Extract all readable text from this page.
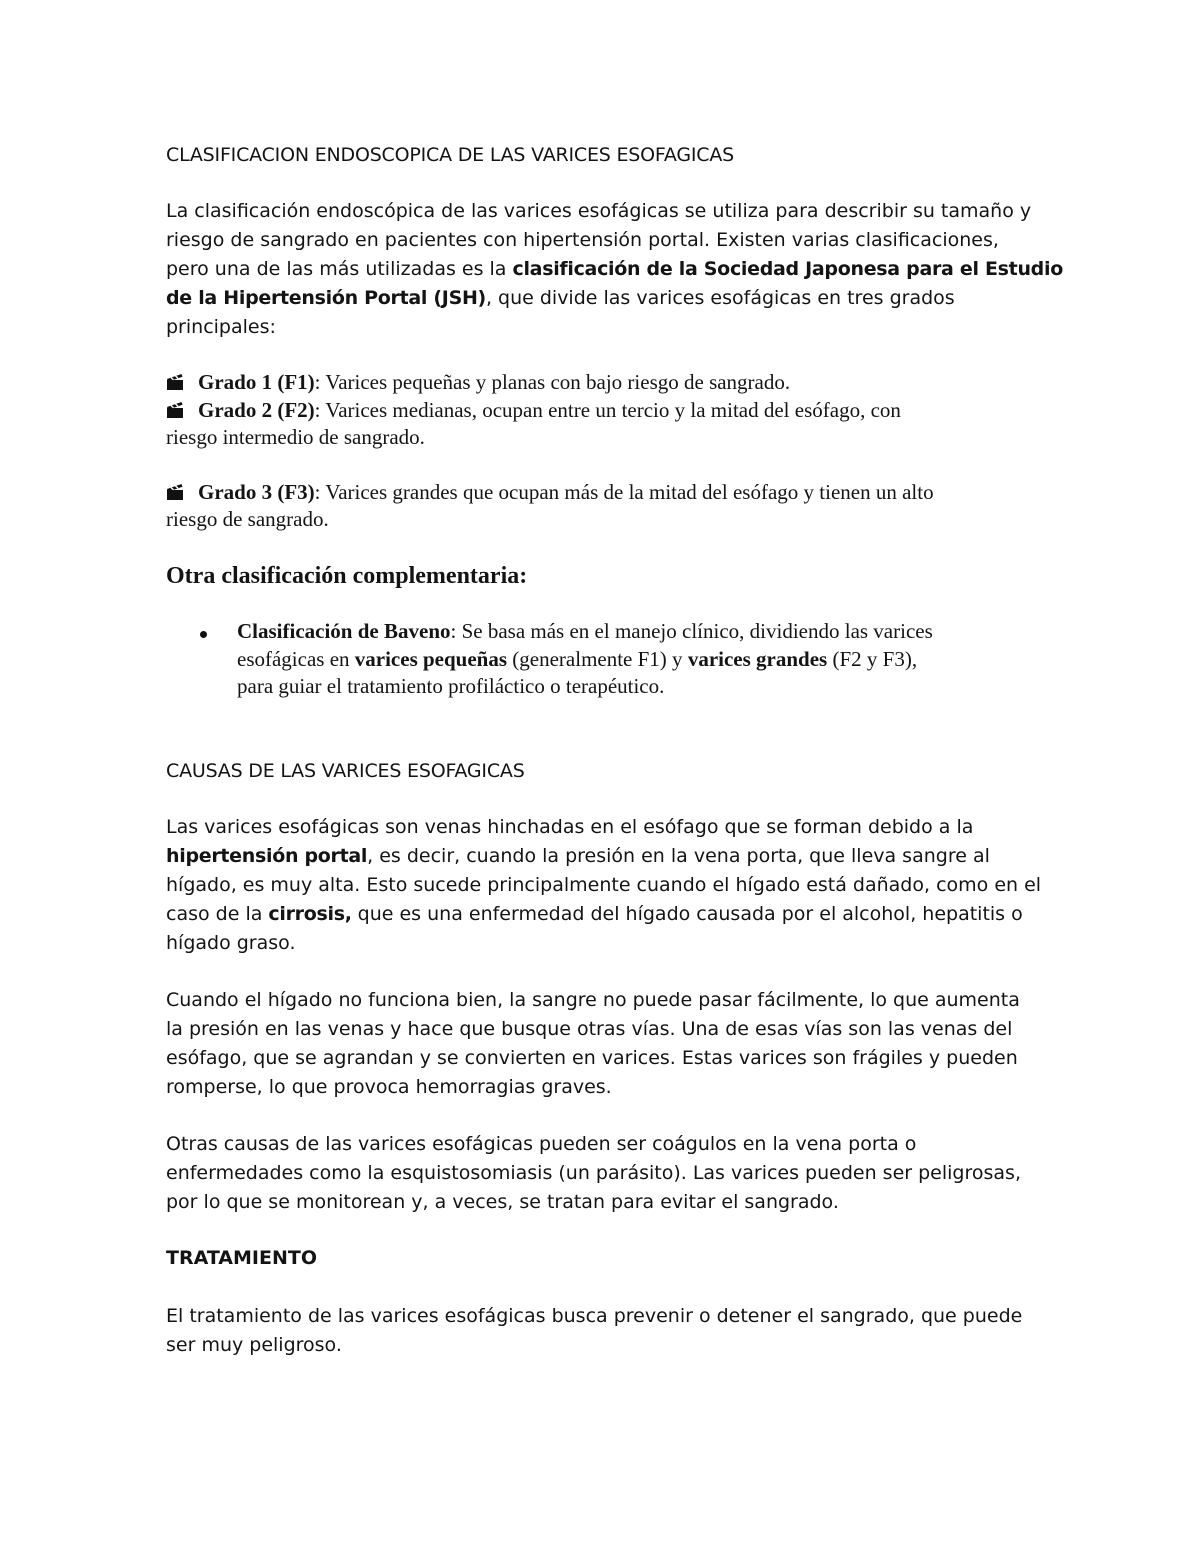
CLASIFICACION ENDOSCOPICA DE LAS VARICES ESOFAGICAS

La clasificación endoscópica de las varices esofágicas se utiliza para describir su tamaño y

riesgo de sangrado en pacientes con hipertensión portal. Existen varias clasificaciones,

pero una de las más utilizadas es la clasificación de la Sociedad Japonesa para el Estudio

de la Hipertensión Portal (JSH), que divide las varices esofágicas en tres grados

principales:

Grado 1 (F1): Varices pequeñas y planas con bajo riesgo de sangrado.

Grado 2 (F2): Varices medianas, ocupan entre un tercio y la mitad del esófago, con

riesgo intermedio de sangrado.

Grado 3 (F3): Varices grandes que ocupan más de la mitad del esófago y tienen un alto

riesgo de sangrado.

Otra clasificación complementaria:

Clasificación de Baveno: Se basa más en el manejo clínico, dividiendo las varices

esofágicas en varices pequeñas (generalmente F1) y varices grandes (F2 y F3),

para guiar el tratamiento profiláctico o terapéutico.

CAUSAS DE LAS VARICES ESOFAGICAS

Las varices esofágicas son venas hinchadas en el esófago que se forman debido a la

hipertensión portal, es decir, cuando la presión en la vena porta, que lleva sangre al

hígado, es muy alta. Esto sucede principalmente cuando el hígado está dañado, como en el

caso de la cirrosis, que es una enfermedad del hígado causada por el alcohol, hepatitis o

hígado graso.

Cuando el hígado no funciona bien, la sangre no puede pasar fácilmente, lo que aumenta

la presión en las venas y hace que busque otras vías. Una de esas vías son las venas del

esófago, que se agrandan y se convierten en varices. Estas varices son frágiles y pueden

romperse, lo que provoca hemorragias graves.

Otras causas de las varices esofágicas pueden ser coágulos en la vena porta o

enfermedades como la esquistosomiasis (un parásito). Las varices pueden ser peligrosas,

por lo que se monitorean y, a veces, se tratan para evitar el sangrado.

TRATAMIENTO

El tratamiento de las varices esofágicas busca prevenir o detener el sangrado, que puede

ser muy peligroso.
